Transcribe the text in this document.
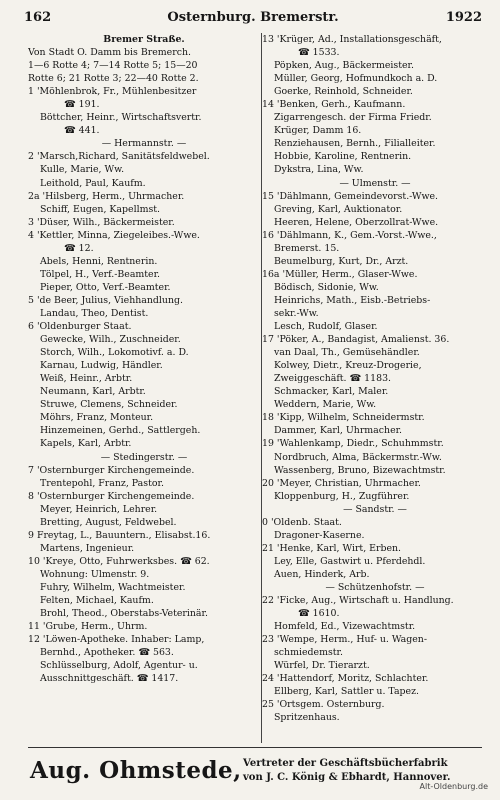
162	Osternburg. Bremerstr.	1922
Bremer Straße.
Von Stadt O. Damm bis Bremerch.
1—6 Rotte 4; 7—14 Rotte 5; 15—20
Rotte 6; 21 Rotte 3; 22—40 Rotte 2.
1 'Möhlenbrok, Fr., Mühlenbesitzer
☎ 191.
Böttcher, Heinr., Wirtschaftsvertr.
☎ 441.
— Hermannstr. —
2 'Marsch,Richard, Sanitätsfeldwebel.
Kulle, Marie, Ww.
Leithold, Paul, Kaufm.
2a 'Hilsberg, Herm., Uhrmacher.
Schiff, Eugen, Kapellmst.
3 'Düser, Wilh., Bäckermeister.
4 'Kettler, Minna, Ziegeleibes.-Wwe.
☎ 12.
Abels, Henni, Rentnerin.
Tölpel, H., Verf.-Beamter.
Pieper, Otto, Verf.-Beamter.
5 'de Beer, Julius, Viehhandlung.
Landau, Theo, Dentist.
6 'Oldenburger Staat.
Gewecke, Wilh., Zuschneider.
Storch, Wilh., Lokomotivf. a. D.
Karnau, Ludwig, Händler.
Weiß, Heinr., Arbtr.
Neumann, Karl, Arbtr.
Struwe, Clemens, Schneider.
Möhrs, Franz, Monteur.
Hinzemeinen, Gerhd., Sattlergeh.
Kapels, Karl, Arbtr.
— Stedingerstr. —
7 'Osternburger Kirchengemeinde.
Trentepohl, Franz, Pastor.
8 'Osternburger Kirchengemeinde.
Meyer, Heinrich, Lehrer.
Bretting, August, Feldwebel.
9 Freytag, L., Bauuntern., Elisabst.16.
Martens, Ingenieur.
10 'Kreye, Otto, Fuhrwerksbes. ☎ 62.
Wohnung: Ulmenstr. 9.
Fuhry, Wilhelm, Wachtmeister.
Felten, Michael, Kaufm.
Brohl, Theod., Oberstabs-Veterinär.
11 'Grube, Herm., Uhrm.
12 'Löwen-Apotheke. Inhaber: Lamp,
Bernhd., Apotheker. ☎ 563.
Schlüsselburg, Adolf, Agentur- u.
Ausschnittgeschäft. ☎ 1417.
13 'Krüger, Ad., Installationsgeschäft,
☎ 1533.
Pöpken, Aug., Bäckermeister.
Müller, Georg, Hofmundkoch a. D.
Goerke, Reinhold, Schneider.
14 'Benken, Gerh., Kaufmann.
Zigarrengesch. der Firma Friedr.
Krüger, Damm 16.
Renziehausen, Bernh., Filialleiter.
Hobbie, Karoline, Rentnerin.
Dykstra, Lina, Ww.
— Ulmenstr. —
15 'Dählmann, Gemeindevorst.-Wwe.
Greving, Karl, Auktionator.
Heeren, Helene, Oberzollrat-Wwe.
16 'Dählmann, K., Gem.-Vorst.-Wwe.,
Bremerst. 15.
Beumelburg, Kurt, Dr., Arzt.
16a 'Müller, Herm., Glaser-Wwe.
Bödisch, Sidonie, Ww.
Heinrichs, Math., Eisb.-Betriebs-
sekr.-Ww.
Lesch, Rudolf, Glaser.
17 'Pöker, A., Bandagist, Amalienst. 36.
van Daal, Th., Gemüsehändler.
Kolwey, Dietr., Kreuz-Drogerie,
Zweiggeschäft. ☎ 1183.
Schmacker, Karl, Maler.
Weddern, Marie, Ww.
18 'Kipp, Wilhelm, Schneidermstr.
Dammer, Karl, Uhrmacher.
19 'Wahlenkamp, Diedr., Schuhmmstr.
Nordbruch, Alma, Bäckermstr.-Ww.
Wassenberg, Bruno, Bizewachtmstr.
20 'Meyer, Christian, Uhrmacher.
Kloppenburg, H., Zugführer.
— Sandstr. —
0 'Oldenb. Staat.
Dragoner-Kaserne.
21 'Henke, Karl, Wirt, Erben.
Ley, Elle, Gastwirt u. Pferdehdl.
Auen, Hinderk, Arb.
— Schützenhofstr. —
22 'Ficke, Aug., Wirtschaft u. Handlung.
☎ 1610.
Homfeld, Ed., Vizewachtmstr.
23 'Wempe, Herm., Huf- u. Wagen-
schmiedemstr.
Würfel, Dr. Tierarzt.
24 'Hattendorf, Moritz, Schlachter.
Ellberg, Karl, Sattler u. Tapez.
25 'Ortsgem. Osternburg.
Spritzenhaus.
Aug. Ohmstede, Vertreter der Geschäftsbücherfabrik
von J. C. König & Ebhardt, Hannover.
Alt-Oldenburg.de
